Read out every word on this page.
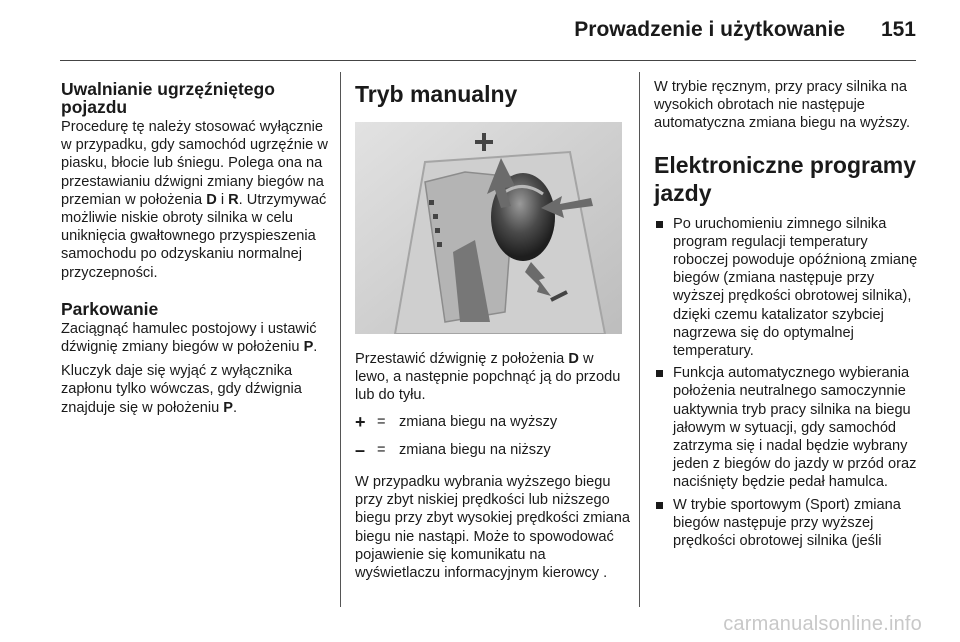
Prowadzenie i użytkowanie 151

Uwalnianie ugrzęźniętego pojazdu

Procedurę tę należy stosować wyłącznie w przypadku, gdy samochód ugrzęźnie w piasku, błocie lub śniegu. Polega ona na przestawianiu dźwigni zmiany biegów na przemian w położenia D i R. Utrzymywać możliwie niskie obroty silnika w celu uniknięcia gwałtownego przyspieszenia samochodu po odzyskaniu normalnej przyczepności.

Parkowanie

Zaciągnąć hamulec postojowy i ustawić dźwignię zmiany biegów w położeniu P.

Kluczyk daje się wyjąć z wyłącznika zapłonu tylko wówczas, gdy dźwignia znajduje się w położeniu P.

Tryb manualny

Przestawić dźwignię z położenia D w lewo, a następnie popchnąć ją do przodu lub do tyłu.

+ = zmiana biegu na wyższy
– = zmiana biegu na niższy

W przypadku wybrania wyższego biegu przy zbyt niskiej prędkości lub niższego biegu przy zbyt wysokiej prędkości zmiana biegu nie nastąpi. Może to spowodować pojawienie się komunikatu na wyświetlaczu informacyjnym kierowcy .

W trybie ręcznym, przy pracy silnika na wysokich obrotach nie następuje automatyczna zmiana biegu na wyższy.

Elektroniczne programy jazdy

Po uruchomieniu zimnego silnika program regulacji temperatury roboczej powoduje opóźnioną zmianę biegów (zmiana następuje przy wyższej prędkości obrotowej silnika), dzięki czemu katalizator szybciej nagrzewa się do optymalnej temperatury.
Funkcja automatycznego wybierania położenia neutralnego samoczynnie uaktywnia tryb pracy silnika na biegu jałowym w sytuacji, gdy samochód zatrzyma się i nadal będzie wybrany jeden z biegów do jazdy w przód oraz naciśnięty będzie pedał hamulca.
W trybie sportowym (Sport) zmiana biegów następuje przy wyższej prędkości obrotowej silnika (jeśli
carmanualsonline.info
